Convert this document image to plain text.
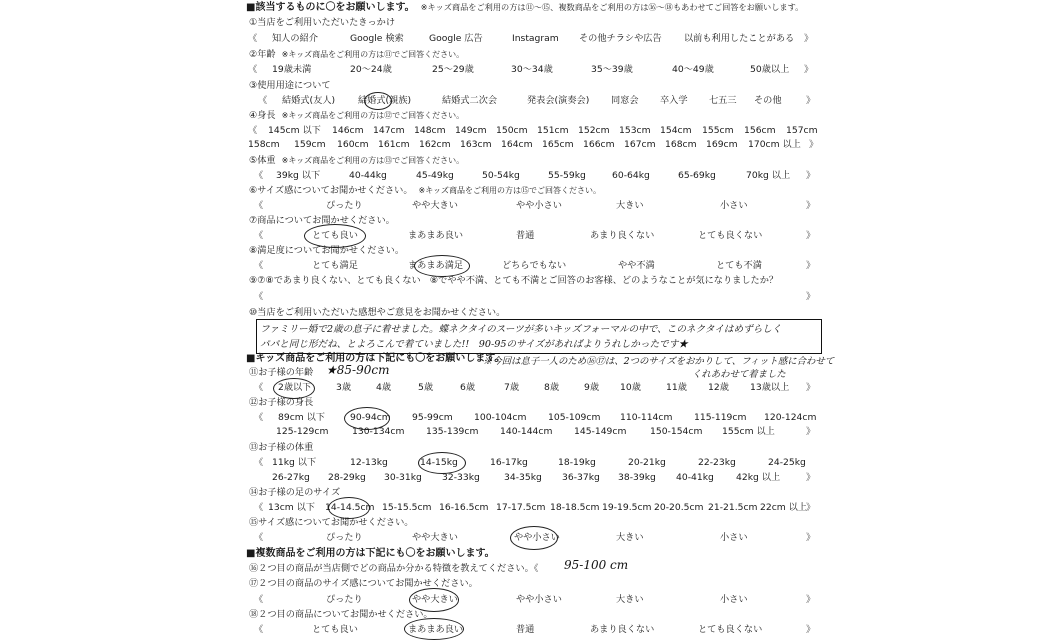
■該当するものに〇をお願いします。 ※キッズ商品をご利用の方は⑪〜⑮、複数商品をご利用の方は⑯〜⑱もあわせてご回答をお願いします。
①当店をご利用いただいたきっかけ
《 知人の紹介	Google 検索	Google 広告	Instagram その他チラシや広告 以前も利用したことがある 》
②年齢 ※キッズ商品をご利用の方は⑪でご回答ください。
《 19歳未満	20〜24歳	25〜29歳	30〜34歳	35〜39歳	40〜49歳	50歳以上 》
③使用用途について
《 結婚式(友人) 結婚式(親族)	結婚式二次会	発表会(演奏会) 同窓会 卒入学 七五三 その他	》
④身長 ※キッズ商品をご利用の方は⑫でご回答ください。
《 145cm 以下 146cm 147cm 148cm 149cm 150cm 151cm 152cm 153cm 154cm 155cm 156cm 157cm
158cm 159cm 160cm 161cm 162cm 163cm 164cm 165cm 166cm 167cm 168cm 169cm 170cm 以上 》
⑤体重 ※キッズ商品をご利用の方は⑬でご回答ください。
《 39kg 以下	40-44kg	45-49kg	50-54kg	55-59kg	60-64kg	65-69kg	70kg 以上 》
⑥サイズ感についてお聞かせください。 ※キッズ商品をご利用の方は⑮でご回答ください。
《	ぴったり	やや大きい	やや小さい	大きい	小さい	》
⑦商品についてお聞かせください。
《	とても良い	まあまあ良い	普通	あまり良くない	とても良くない	》
⑧満足度についてお聞かせください。
《	とても満足	まあまあ満足	どちらでもない	やや不満	とても不満	》
⑨⑦⑧であまり良くない、とても良くない　⑧でやや不満、とても不満とご回答のお客様、どのようなことが気になりましたか？
《	》
⑩当店をご利用いただいた感想やご意見をお聞かせください。
ファミリー婚で2歳の息子に着せました。蝶ネクタイのスーツが多いキッズフォーマルの中で、このネクタイはめずらしく
パパと同じ形だね、とよろこんで着ていました!!　90-95のサイズがあればよりうれしかったです★
■キッズ商品をご利用の方は下記にも〇をお願いします。
※今回は息子一人のため⑯⑰は、2つのサイズをおかりして、フィット感に合わせて
くれあわせて着ました
⑪お子様の年齢 ★85-90cm
《 2歳以下	3歳	4歳	5歳	6歳	7歳	8歳	9歳 10歳	11歳 12歳 13歳以上 》
⑫お子様の身長
《 89cm 以下	90-94cm 95-99cm 100-104cm 105-109cm 110-114cm 115-119cm 120-124cm
125-129cm	130-134cm 135-139cm 140-144cm 145-149cm	150-154cm 155cm 以上	》
⑬お子様の体重
《 11kg 以下	12-13kg	14-15kg	16-17kg	18-19kg	20-21kg	22-23kg	24-25kg
26-27kg 28-29kg 30-31kg 32-33kg	34-35kg 36-37kg 38-39kg 40-41kg 42kg 以上	》
⑭お子様の足のサイズ
《 13cm 以下 14-14.5cm 15-15.5cm 16-16.5cm 17-17.5cm 18-18.5cm 19-19.5cm 20-20.5cm 21-21.5cm 22cm 以上 》
⑮サイズ感についてお聞かせください。
《	ぴったり	やや大きい	やや小さい	大きい	小さい	》
■複数商品をご利用の方は下記にも〇をお願いします。
⑯２つ目の商品が当店側でどの商品か分かる特徴を教えてください。《 95-100 cm
⑰２つ目の商品のサイズ感についてお聞かせください。
《	ぴったり	やや大きい	やや小さい	大きい	小さい	》
⑱２つ目の商品についてお聞かせください。
《	とても良い	まあまあ良い	普通	あまり良くない	とても良くない	》
